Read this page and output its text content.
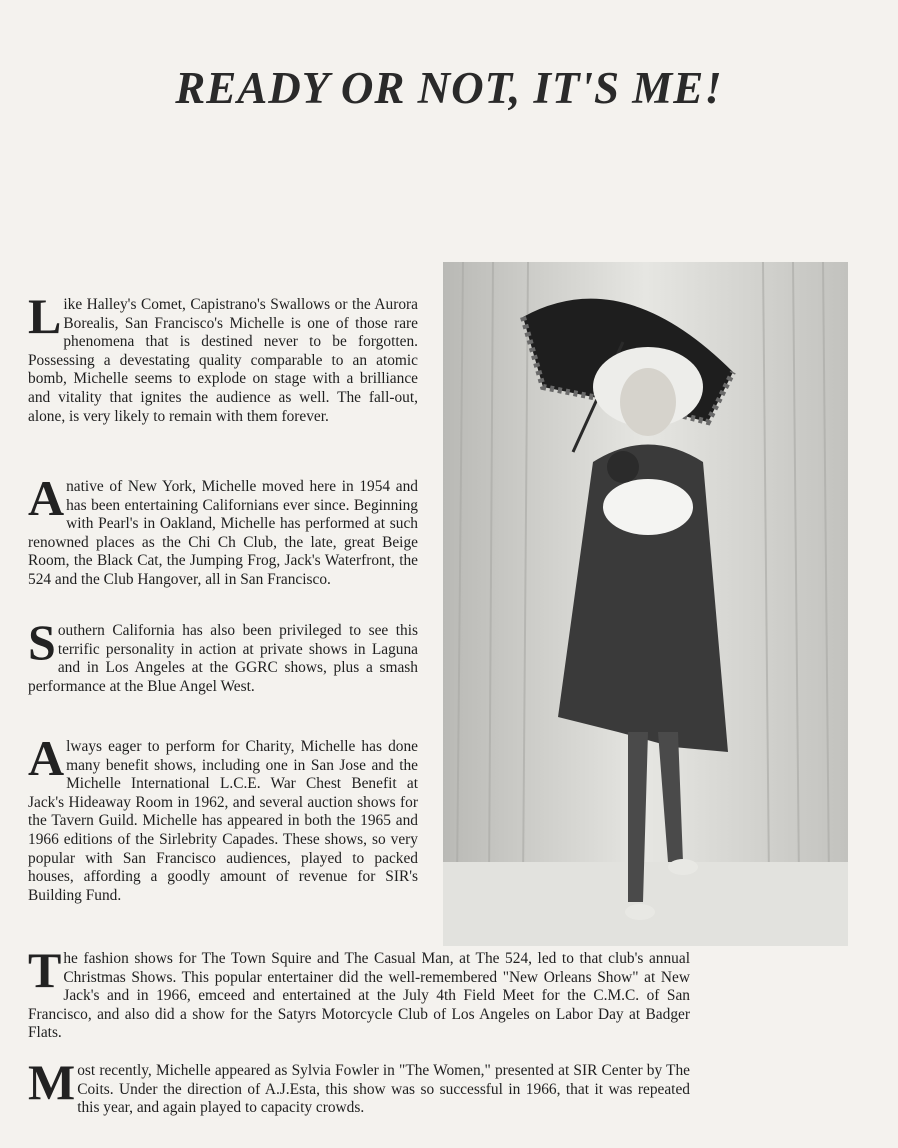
READY OR NOT, IT'S ME!

Like Halley's Comet, Capistrano's Swallows or the Aurora Borealis, San Francisco's Michelle is one of those rare phenomena that is destined never to be forgotten. Possessing a devestating quality comparable to an atomic bomb, Michelle seems to explode on stage with a brilliance and vitality that ignites the audience as well. The fall-out, alone, is very likely to remain with them forever.

A native of New York, Michelle moved here in 1954 and has been entertaining Californians ever since. Beginning with Pearl's in Oakland, Michelle has performed at such renowned places as the Chi Ch Club, the late, great Beige Room, the Black Cat, the Jumping Frog, Jack's Waterfront, the 524 and the Club Hangover, all in San Francisco.

Southern California has also been privileged to see this terrific personality in action at private shows in Laguna and in Los Angeles at the GGRC shows, plus a smash performance at the Blue Angel West.

Always eager to perform for Charity, Michelle has done many benefit shows, including one in San Jose and the Michelle International L.C.E. War Chest Benefit at Jack's Hideaway Room in 1962, and several auction shows for the Tavern Guild. Michelle has appeared in both the 1965 and 1966 editions of the Sirlebrity Capades. These shows, so very popular with San Francisco audiences, played to packed houses, affording a goodly amount of revenue for SIR's Building Fund.

The fashion shows for The Town Squire and The Casual Man, at The 524, led to that club's annual Christmas Shows. This popular entertainer did the well-remembered "New Orleans Show" at New Jack's and in 1966, emceed and entertained at the July 4th Field Meet for the C.M.C. of San Francisco, and also did a show for the Satyrs Motorcycle Club of Los Angeles on Labor Day at Badger Flats.

Most recently, Michelle appeared as Sylvia Fowler in "The Women," presented at SIR Center by The Coits. Under the direction of A.J.Esta, this show was so successful in 1966, that it was repeated this year, and again played to capacity crowds.
